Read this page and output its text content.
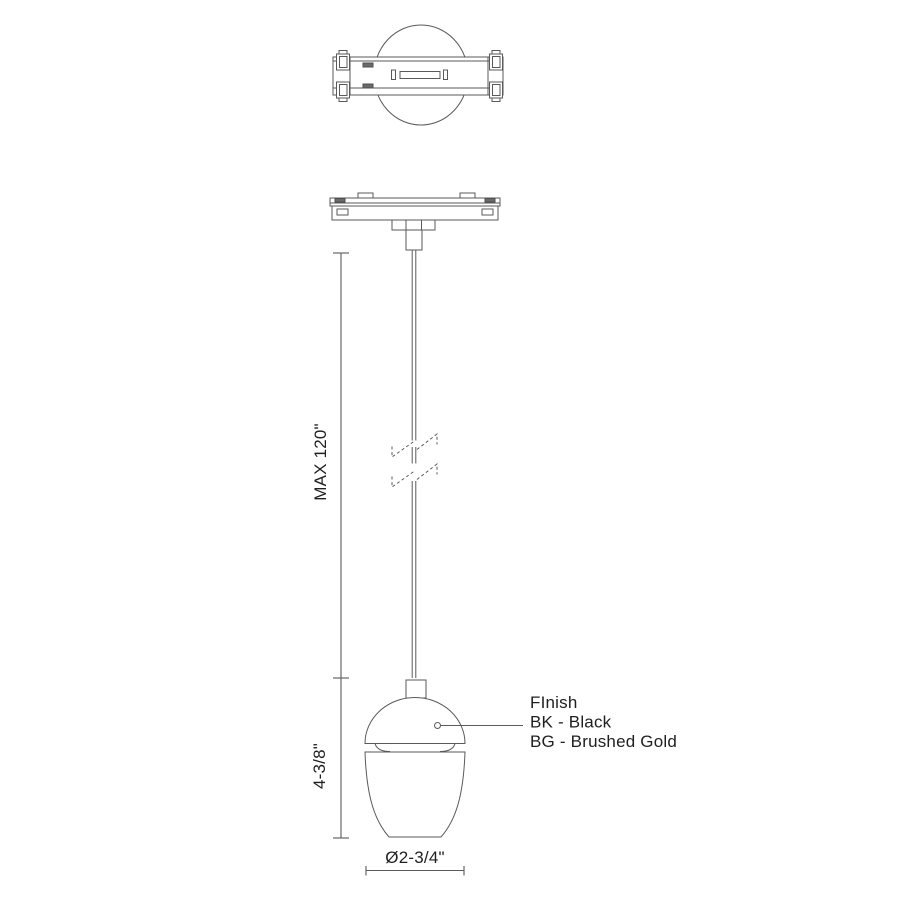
MAX 120"
4-3/8"
Ø2-3/4"
FInish
BK - Black
BG - Brushed Gold
